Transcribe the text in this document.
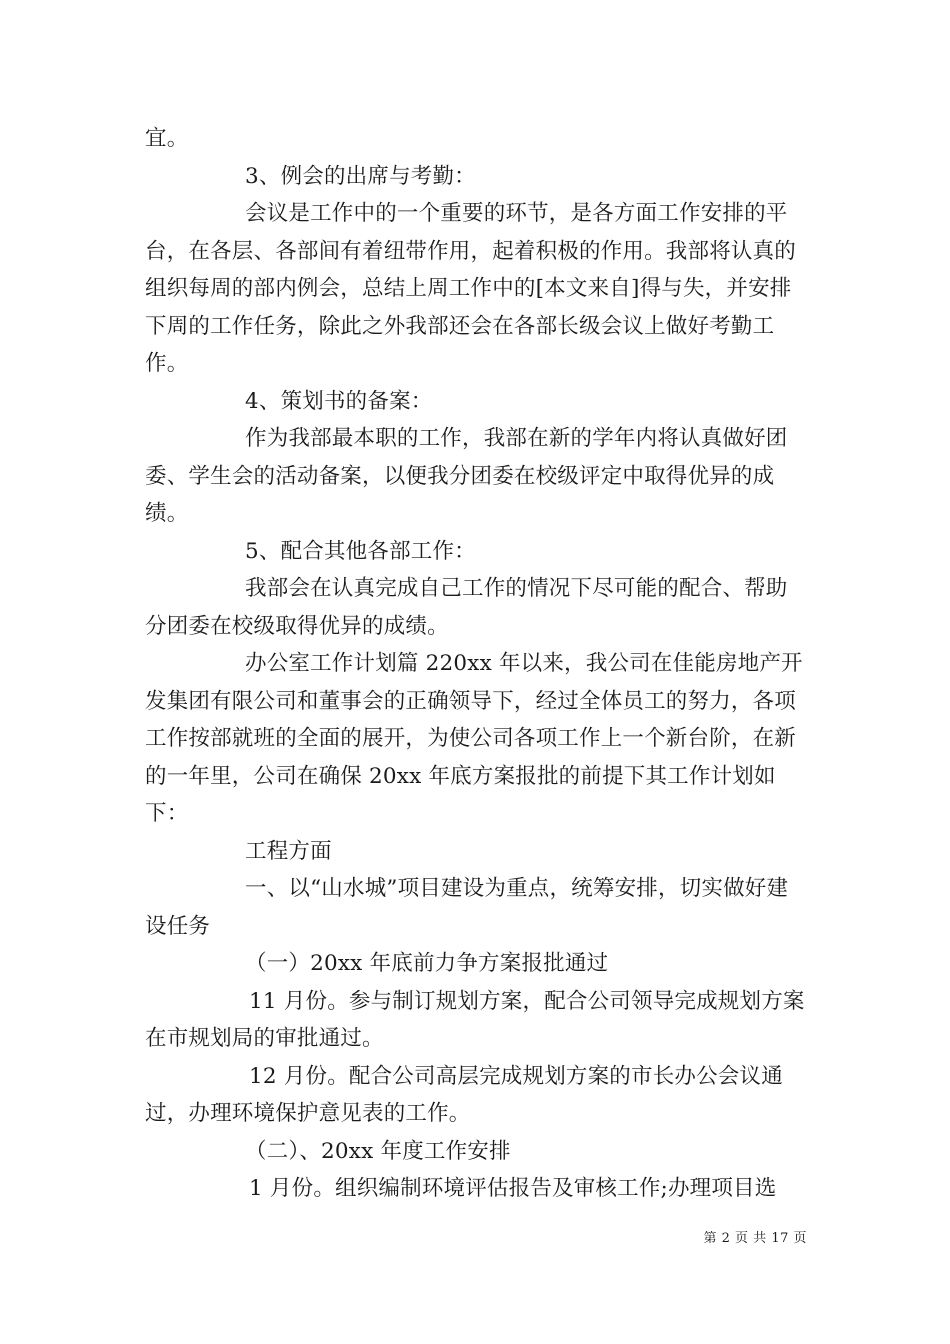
宜。

3、例会的出席与考勤：

会议是工作中的一个重要的环节，是各方面工作安排的平台，在各层、各部间有着纽带作用，起着积极的作用。我部将认真的组织每周的部内例会，总结上周工作中的[本文来自]得与失，并安排下周的工作任务，除此之外我部还会在各部长级会议上做好考勤工作。

4、策划书的备案：

作为我部最本职的工作，我部在新的学年内将认真做好团委、学生会的活动备案，以便我分团委在校级评定中取得优异的成绩。

5、配合其他各部工作：

我部会在认真完成自己工作的情况下尽可能的配合、帮助分团委在校级取得优异的成绩。

办公室工作计划篇 220xx 年以来，我公司在佳能房地产开发集团有限公司和董事会的正确领导下，经过全体员工的努力，各项工作按部就班的全面的展开，为使公司各项工作上一个新台阶，在新的一年里，公司在确保 20xx 年底方案报批的前提下其工作计划如下：

工程方面

一、以“山水城”项目建设为重点，统筹安排，切实做好建设任务

（一）20xx 年底前力争方案报批通过

11 月份。参与制订规划方案，配合公司领导完成规划方案在市规划局的审批通过。

12 月份。配合公司高层完成规划方案的市长办公会议通过，办理环境保护意见表的工作。

（二）、20xx 年度工作安排

1 月份。组织编制环境评估报告及审核工作;办理项目选

第 2 页 共 17 页
